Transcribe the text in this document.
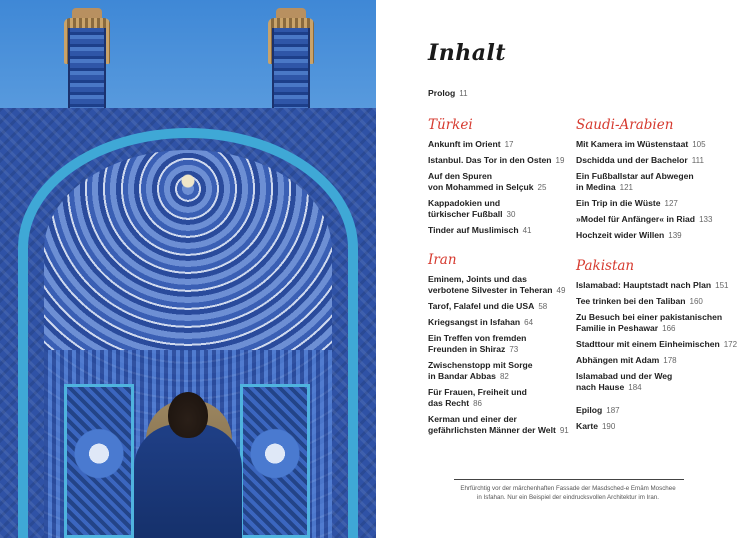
Inhalt
Prolog 11
Türkei
Ankunft im Orient 17
Istanbul. Das Tor in den Osten 19
Auf den Spuren
von Mohammed in Selçuk 25
Kappadokien und
türkischer Fußball 30
Tinder auf Muslimisch 41
Iran
Eminem, Joints und das
verbotene Silvester in Teheran 49
Tarof, Falafel und die USA 58
Kriegsangst in Isfahan 64
Ein Treffen von fremden
Freunden in Shiraz 73
Zwischenstopp mit Sorge
in Bandar Abbas 82
Für Frauen, Freiheit und
das Recht 86
Kerman und einer der
gefährlichsten Männer der Welt 91
Saudi-Arabien
Mit Kamera im Wüstenstaat 105
Dschidda und der Bachelor 111
Ein Fußballstar auf Abwegen
in Medina 121
Ein Trip in die Wüste 127
»Model für Anfänger« in Riad 133
Hochzeit wider Willen 139
Pakistan
Islamabad: Hauptstadt nach Plan 151
Tee trinken bei den Taliban 160
Zu Besuch bei einer pakistanischen
Familie in Peshawar 166
Stadttour mit einem Einheimischen 172
Abhängen mit Adam 178
Islamabad und der Weg
nach Hause 184
Epilog 187
Karte 190
Ehrfürchtig vor der märchenhaften Fassade der Masdsched-e Emām Moschee
in Isfahan. Nur ein Beispiel der eindrucksvollen Architektur im Iran.
